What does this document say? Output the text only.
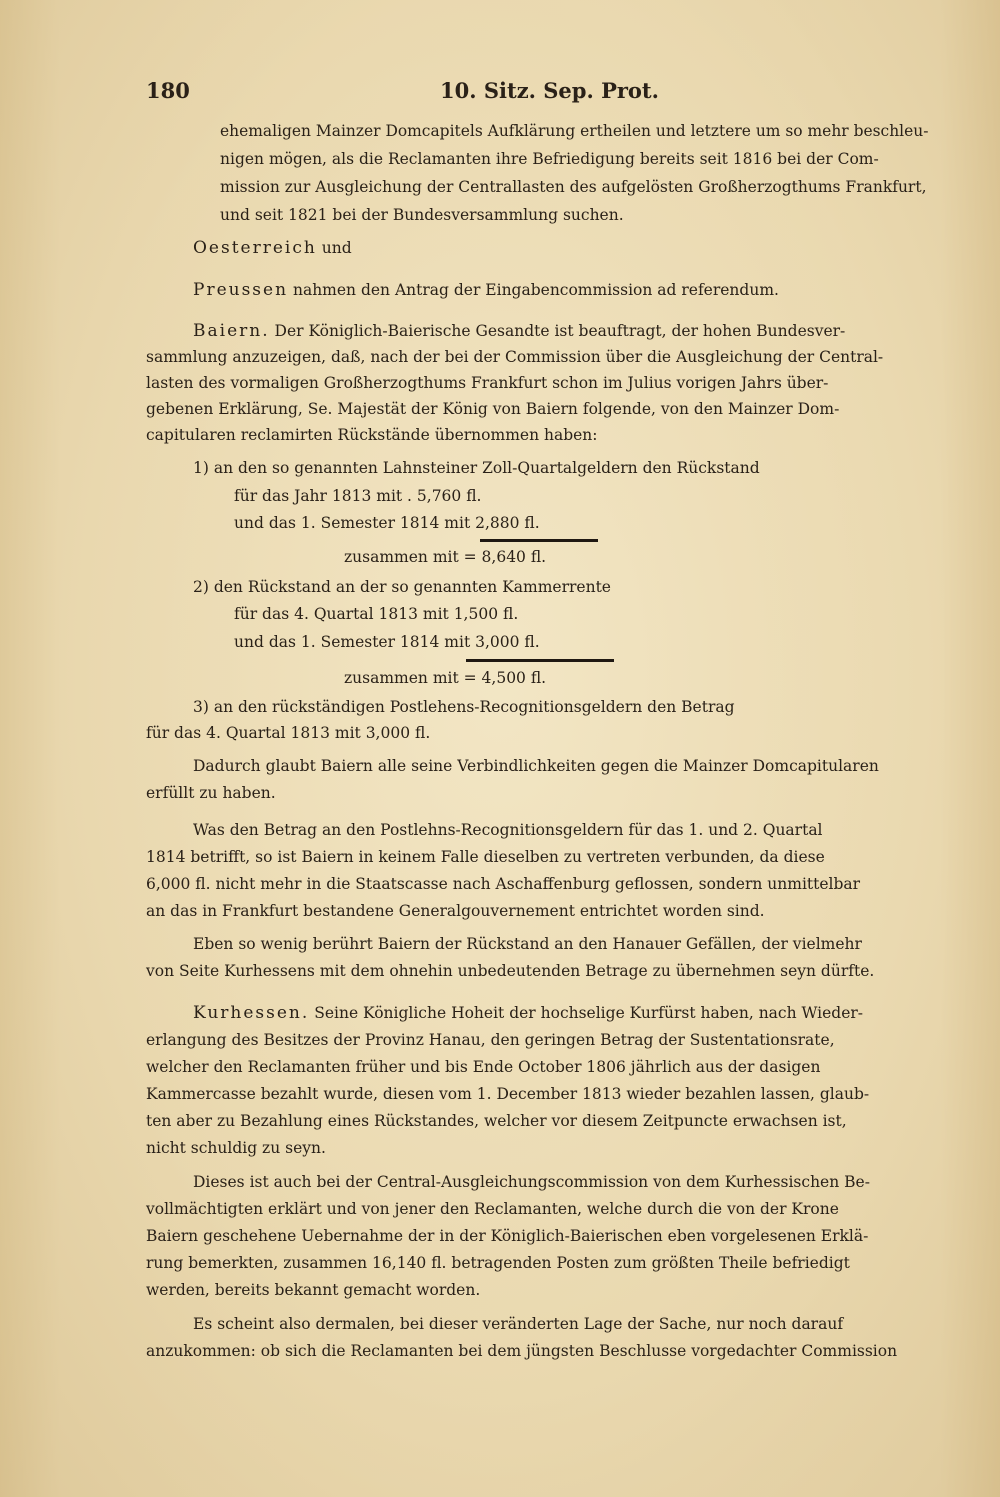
180	10. Sitz. Sep. Prot.

ehemaligen Mainzer Domcapitels Aufklärung ertheilen und letztere um so mehr beschleu-

nigen mögen, als die Reclamanten ihre Befriedigung bereits seit 1816 bei der Com-

mission zur Ausgleichung der Centrallasten des aufgelösten Großherzogthums Frankfurt,

und seit 1821 bei der Bundesversammlung suchen.

Oesterreich und

Preussen nahmen den Antrag der Eingabencommission ad referendum.

Baiern. Der Königlich-Baierische Gesandte ist beauftragt, der hohen Bundesver-

sammlung anzuzeigen, daß, nach der bei der Commission über die Ausgleichung der Central-

lasten des vormaligen Großherzogthums Frankfurt schon im Julius vorigen Jahrs über-

gebenen Erklärung, Se. Majestät der König von Baiern folgende, von den Mainzer Dom-

capitularen reclamirten Rückstände übernommen haben:

1) an den so genannten Lahnsteiner Zoll-Quartalgeldern den Rückstand

für das Jahr 1813 mit . 5,760 fl.

und das 1. Semester 1814 mit 2,880 fl.

zusammen mit = 8,640 fl.

2) den Rückstand an der so genannten Kammerrente

für das 4. Quartal 1813 mit 1,500 fl.

und das 1. Semester 1814 mit 3,000 fl.

zusammen mit = 4,500 fl.

3) an den rückständigen Postlehens-Recognitionsgeldern den Betrag

für das 4. Quartal 1813 mit 3,000 fl.

Dadurch glaubt Baiern alle seine Verbindlichkeiten gegen die Mainzer Domcapitularen

erfüllt zu haben.

Was den Betrag an den Postlehns-Recognitionsgeldern für das 1. und 2. Quartal

1814 betrifft, so ist Baiern in keinem Falle dieselben zu vertreten verbunden, da diese

6,000 fl. nicht mehr in die Staatscasse nach Aschaffenburg geflossen, sondern unmittelbar

an das in Frankfurt bestandene Generalgouvernement entrichtet worden sind.

Eben so wenig berührt Baiern der Rückstand an den Hanauer Gefällen, der vielmehr

von Seite Kurhessens mit dem ohnehin unbedeutenden Betrage zu übernehmen seyn dürfte.

Kurhessen. Seine Königliche Hoheit der hochselige Kurfürst haben, nach Wieder-

erlangung des Besitzes der Provinz Hanau, den geringen Betrag der Sustentationsrate,

welcher den Reclamanten früher und bis Ende October 1806 jährlich aus der dasigen

Kammercasse bezahlt wurde, diesen vom 1. December 1813 wieder bezahlen lassen, glaub-

ten aber zu Bezahlung eines Rückstandes, welcher vor diesem Zeitpuncte erwachsen ist,

nicht schuldig zu seyn.

Dieses ist auch bei der Central-Ausgleichungscommission von dem Kurhessischen Be-

vollmächtigten erklärt und von jener den Reclamanten, welche durch die von der Krone

Baiern geschehene Uebernahme der in der Königlich-Baierischen eben vorgelesenen Erklä-

rung bemerkten, zusammen 16,140 fl. betragenden Posten zum größten Theile befriedigt

werden, bereits bekannt gemacht worden.

Es scheint also dermalen, bei dieser veränderten Lage der Sache, nur noch darauf

anzukommen: ob sich die Reclamanten bei dem jüngsten Beschlusse vorgedachter Commission
